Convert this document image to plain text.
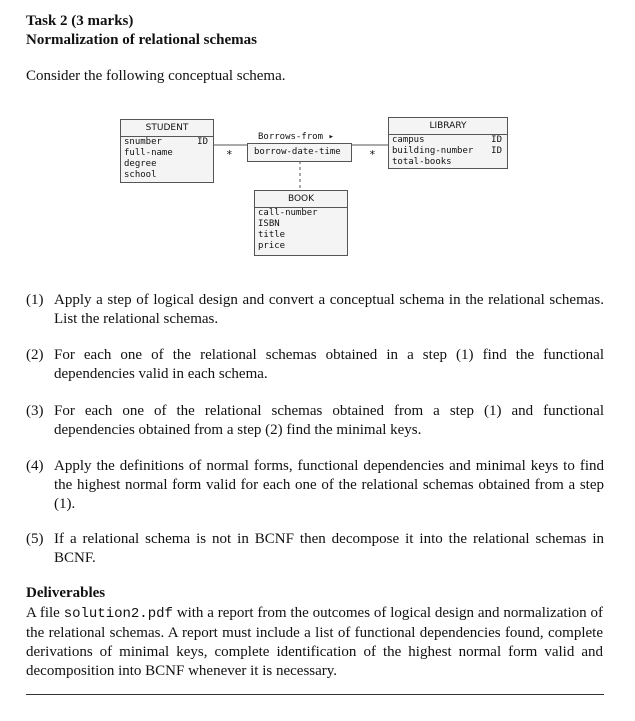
Task 2 (3 marks)
Normalization of relational schemas
Consider the following conceptual schema.
STUDENT
snumber	ID
full-name
degree
school
Borrows-from ▸
*	*
borrow-date-time
LIBRARY
campus	ID
building-number ID
total-books
BOOK
call-number
ISBN
title
price
(1) Apply a step of logical design and convert a conceptual schema in the relational schemas. List the relational schemas.
(2) For each one of the relational schemas obtained in a step (1) find the functional dependencies valid in each schema.
(3) For each one of the relational schemas obtained from a step (1) and functional dependencies obtained from a step (2) find the minimal keys.
(4) Apply the definitions of normal forms, functional dependencies and minimal keys to find the highest normal form valid for each one of the relational schemas obtained from a step (1).
(5) If a relational schema is not in BCNF then decompose it into the relational schemas in BCNF.
Deliverables
A file solution2.pdf with a report from the outcomes of logical design and normalization of the relational schemas. A report must include a list of functional dependencies found, complete derivations of minimal keys, complete identification of the highest normal form valid and decomposition into BCNF whenever it is necessary.
